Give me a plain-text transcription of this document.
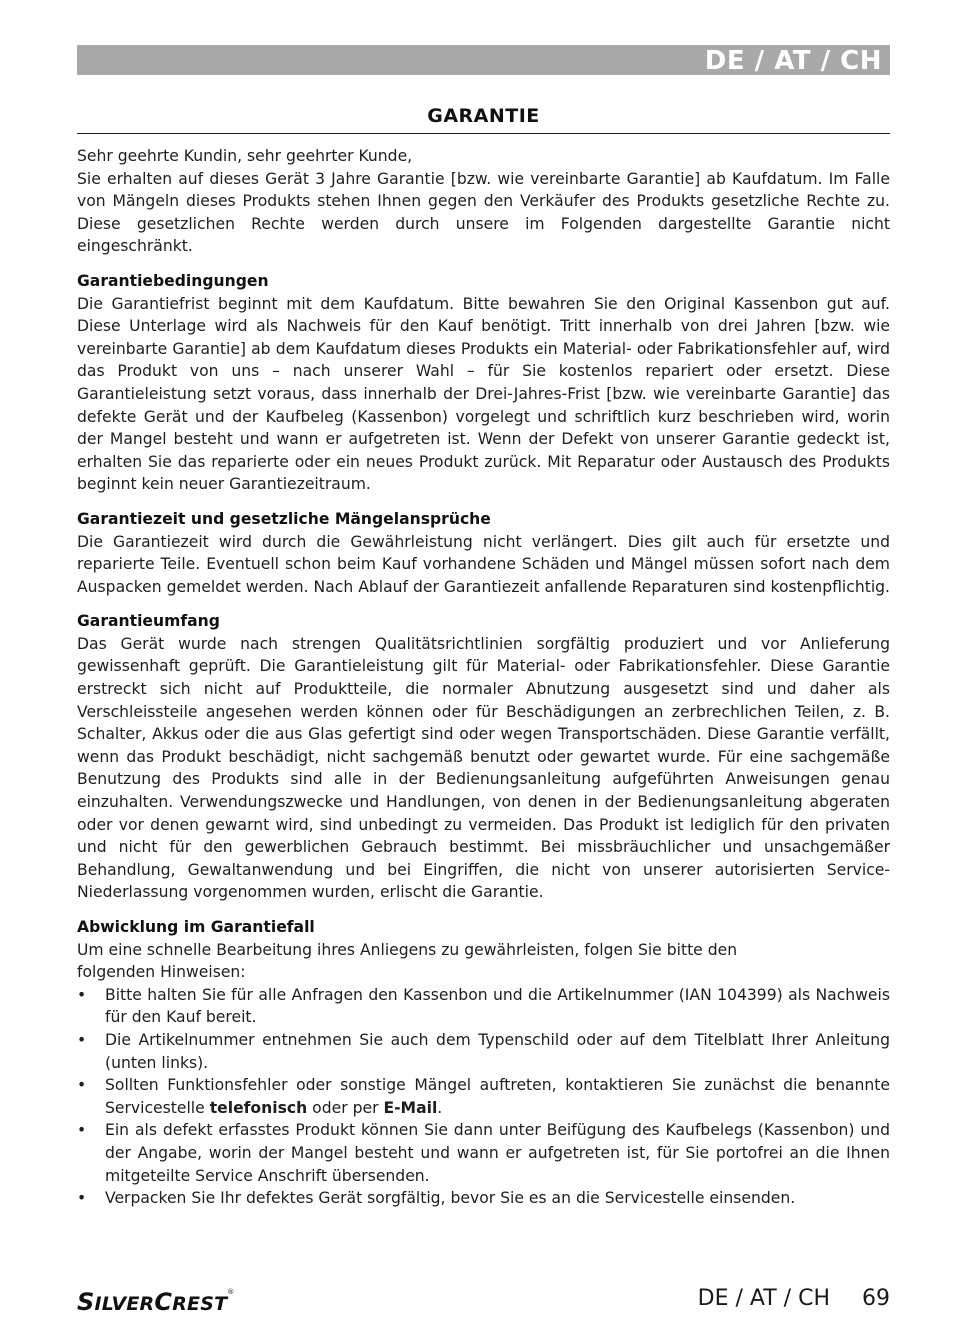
DE / AT / CH
GARANTIE

Sehr geehrte Kundin, sehr geehrter Kunde,

Sie erhalten auf dieses Gerät 3 Jahre Garantie [bzw. wie vereinbarte Garantie] ab Kaufdatum. Im Falle von Mängeln dieses Produkts stehen Ihnen gegen den Verkäufer des Produkts gesetzliche Rechte zu. Diese gesetzlichen Rechte werden durch unsere im Folgenden dargestellte Garantie nicht eingeschränkt.

Garantiebedingungen

Die Garantiefrist beginnt mit dem Kaufdatum. Bitte bewahren Sie den Original Kassenbon gut auf. Diese Unterlage wird als Nachweis für den Kauf benötigt. Tritt innerhalb von drei Jahren [bzw. wie vereinbarte Garantie] ab dem Kaufdatum dieses Produkts ein Material- oder Fabrikationsfehler auf, wird das Produkt von uns – nach unserer Wahl – für Sie kostenlos repariert oder ersetzt. Diese Garantieleistung setzt voraus, dass innerhalb der Drei-Jahres-Frist [bzw. wie vereinbarte Garantie] das defekte Gerät und der Kaufbeleg (Kassenbon) vorgelegt und schriftlich kurz beschrieben wird, worin der Mangel besteht und wann er aufgetreten ist. Wenn der Defekt von unserer Garantie gedeckt ist, erhalten Sie das reparierte oder ein neues Produkt zurück. Mit Reparatur oder Austausch des Produkts beginnt kein neuer Garantiezeitraum.

Garantiezeit und gesetzliche Mängelansprüche

Die Garantiezeit wird durch die Gewährleistung nicht verlängert. Dies gilt auch für ersetzte und reparierte Teile. Eventuell schon beim Kauf vorhandene Schäden und Mängel müssen sofort nach dem Auspacken gemeldet werden. Nach Ablauf der Garantiezeit anfallende Reparaturen sind kostenpflichtig.

Garantieumfang

Das Gerät wurde nach strengen Qualitätsrichtlinien sorgfältig produziert und vor Anlieferung gewissenhaft geprüft. Die Garantieleistung gilt für Material- oder Fabrikationsfehler. Diese Garantie erstreckt sich nicht auf Produktteile, die normaler Abnutzung ausgesetzt sind und daher als Verschleissteile angesehen werden können oder für Beschädigungen an zerbrechlichen Teilen, z. B. Schalter, Akkus oder die aus Glas gefertigt sind oder wegen Transportschäden. Diese Garantie verfällt, wenn das Produkt beschädigt, nicht sachgemäß benutzt oder gewartet wurde. Für eine sachgemäße Benutzung des Produkts sind alle in der Bedienungsanleitung aufgeführten Anweisungen genau einzuhalten. Verwendungszwecke und Handlungen, von denen in der Bedienungsanleitung abgeraten oder vor denen gewarnt wird, sind unbedingt zu vermeiden. Das Produkt ist lediglich für den privaten und nicht für den gewerblichen Gebrauch bestimmt. Bei missbräuchlicher und unsachgemäßer Behandlung, Gewaltanwendung und bei Eingriffen, die nicht von unserer autorisierten Service-Niederlassung vorgenommen wurden, erlischt die Garantie.

Abwicklung im Garantiefall

Um eine schnelle Bearbeitung ihres Anliegens zu gewährleisten, folgen Sie bitte den

folgenden Hinweisen:

• Bitte halten Sie für alle Anfragen den Kassenbon und die Artikelnummer (IAN 104399) als Nachweis für den Kauf bereit.
• Die Artikelnummer entnehmen Sie auch dem Typenschild oder auf dem Titelblatt Ihrer Anleitung (unten links).
• Sollten Funktionsfehler oder sonstige Mängel auftreten, kontaktieren Sie zunächst die benannte Servicestelle telefonisch oder per E-Mail.
• Ein als defekt erfasstes Produkt können Sie dann unter Beifügung des Kaufbelegs (Kassenbon) und der Angabe, worin der Mangel besteht und wann er aufgetreten ist, für Sie portofrei an die Ihnen mitgeteilte Service Anschrift übersenden.
• Verpacken Sie Ihr defektes Gerät sorgfältig, bevor Sie es an die Servicestelle einsenden.
SILVERCREST®	DE / AT / CH 69
